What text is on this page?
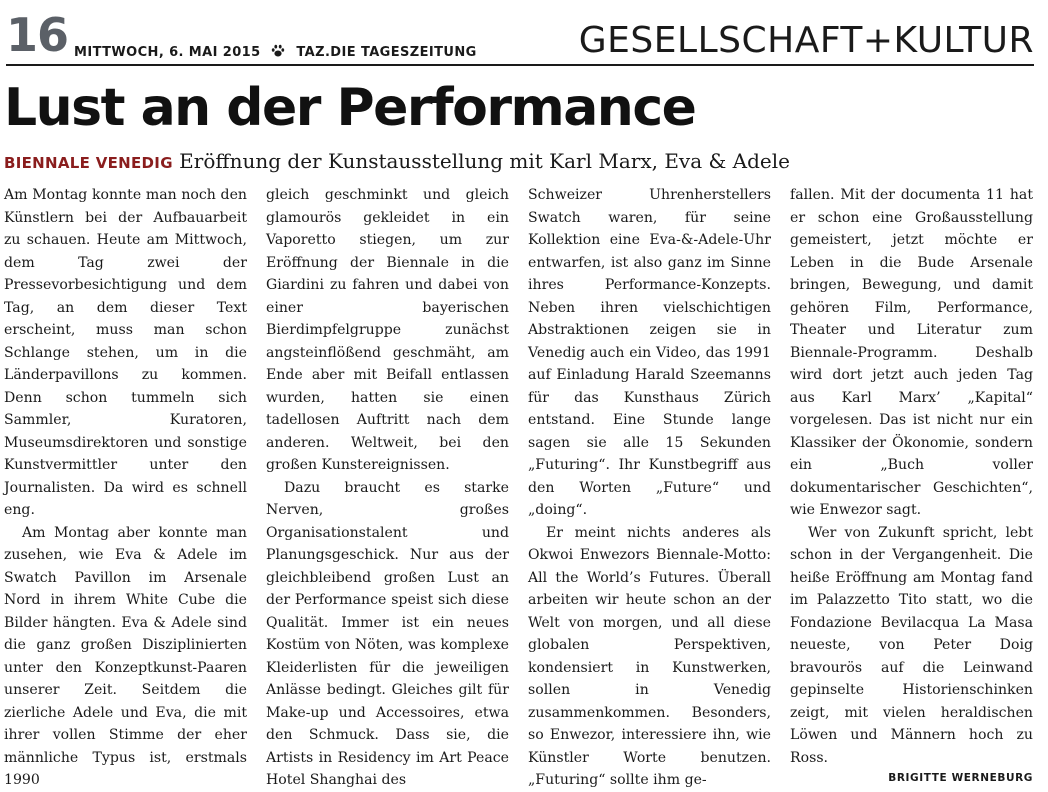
16 MITTWOCH, 6. MAI 2015	TAZ.DIE TAGESZEITUNG	GESELLSCHAFT+KULTUR
Lust an der Performance
BIENNALE VENEDIG Eröffnung der Kunstausstellung mit Karl Marx, Eva & Adele

Am Montag konnte man noch den Künstlern bei der Aufbauarbeit zu schauen. Heute am Mittwoch, dem Tag zwei der Pressevorbesichtigung und dem Tag, an dem dieser Text erscheint, muss man schon Schlange stehen, um in die Länderpavillons zu kommen. Denn schon tummeln sich Sammler, Kuratoren, Museumsdirektoren und sonstige Kunstvermittler unter den Journalisten. Da wird es schnell eng.

Am Montag aber konnte man zusehen, wie Eva & Adele im Swatch Pavillon im Arsenale Nord in ihrem White Cube die Bilder hängten. Eva & Adele sind die ganz großen Disziplinierten unter den Konzeptkunst-Paaren unserer Zeit. Seitdem die zierliche Adele und Eva, die mit ihrer vollen Stimme der eher männliche Typus ist, erstmals 1990

gleich geschminkt und gleich glamourös gekleidet in ein Vaporetto stiegen, um zur Eröffnung der Biennale in die Giardini zu fahren und dabei von einer bayerischen Bierdimpfelgruppe zunächst angsteinflößend geschmäht, am Ende aber mit Beifall entlassen wurden, hatten sie einen tadellosen Auftritt nach dem anderen. Weltweit, bei den großen Kunstereignissen.

Dazu braucht es starke Nerven, großes Organisationstalent und Planungsgeschick. Nur aus der gleichbleibend großen Lust an der Performance speist sich diese Qualität. Immer ist ein neues Kostüm von Nöten, was komplexe Kleiderlisten für die jeweiligen Anlässe bedingt. Gleiches gilt für Make-up und Accessoires, etwa den Schmuck. Dass sie, die Artists in Residency im Art Peace Hotel Shanghai des

Schweizer Uhrenherstellers Swatch waren, für seine Kollektion eine Eva-&-Adele-Uhr entwarfen, ist also ganz im Sinne ihres Performance-Konzepts. Neben ihren vielschichtigen Abstraktionen zeigen sie in Venedig auch ein Video, das 1991 auf Einladung Harald Szeemanns für das Kunsthaus Zürich entstand. Eine Stunde lange sagen sie alle 15 Sekunden „Futuring“. Ihr Kunstbegriff aus den Worten „Future“ und „doing“.

Er meint nichts anderes als Okwoi Enwezors Biennale-Motto: All the World’s Futures. Überall arbeiten wir heute schon an der Welt von morgen, und all diese globalen Perspektiven, kondensiert in Kunstwerken, sollen in Venedig zusammenkommen. Besonders, so Enwezor, interessiere ihn, wie Künstler Worte benutzen. „Futuring“ sollte ihm ge-

fallen. Mit der documenta 11 hat er schon eine Großausstellung gemeistert, jetzt möchte er Leben in die Bude Arsenale bringen, Bewegung, und damit gehören Film, Performance, Theater und Literatur zum Biennale-Programm. Deshalb wird dort jetzt auch jeden Tag aus Karl Marx’ „Kapital“ vorgelesen. Das ist nicht nur ein Klassiker der Ökonomie, sondern ein „Buch voller dokumentarischer Geschichten“, wie Enwezor sagt.

Wer von Zukunft spricht, lebt schon in der Vergangenheit. Die heiße Eröffnung am Montag fand im Palazzetto Tito statt, wo die Fondazione Bevilacqua La Masa neueste, von Peter Doig bravourös auf die Leinwand gepinselte Historienschinken zeigt, mit vielen heraldischen Löwen und Männern hoch zu Ross.

BRIGITTE WERNEBURG
